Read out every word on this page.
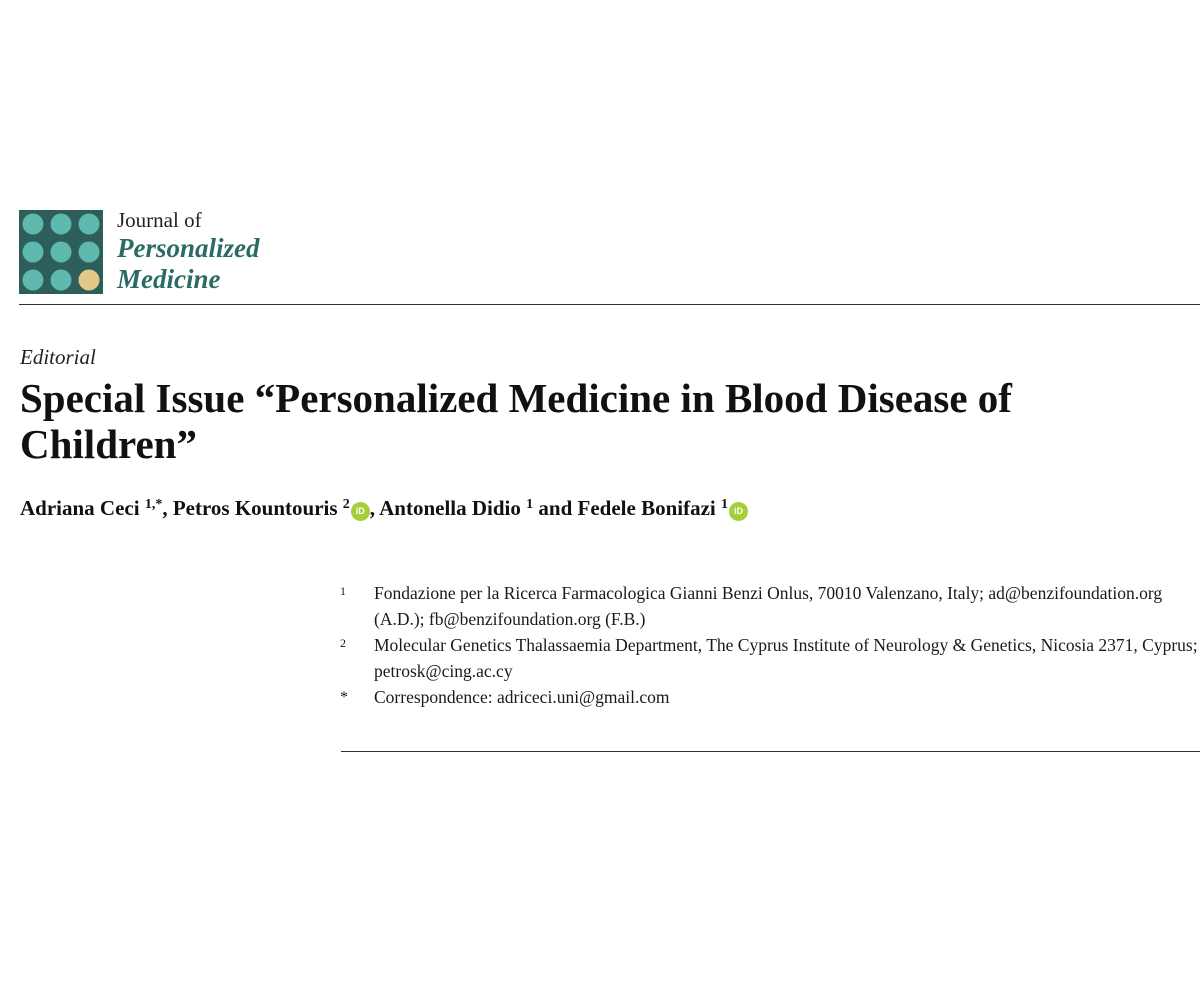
Journal of
Personalized
Medicine
Editorial
Special Issue “Personalized Medicine in Blood Disease of Children”
Adriana Ceci $^{1,*}$, Petros Kountouris $^2$ iD , Antonella Didio $^1$ and Fedele Bonifazi $^1$ iD
1 Fondazione per la Ricerca Farmacologica Gianni Benzi Onlus, 70010 Valenzano, Italy; ad@benzifoundation.org (A.D.); fb@benzifoundation.org (F.B.)
2 Molecular Genetics Thalassaemia Department, The Cyprus Institute of Neurology & Genetics, Nicosia 2371, Cyprus; petrosk@cing.ac.cy
* Correspondence: adriceci.uni@gmail.com
